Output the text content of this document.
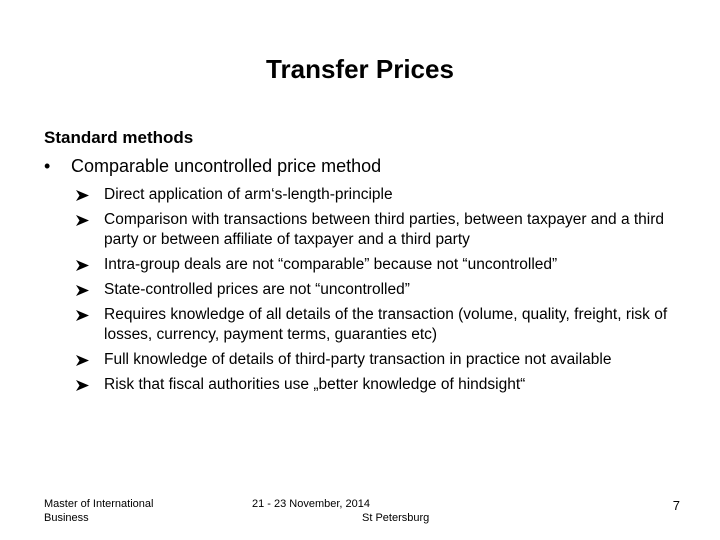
Transfer Prices
Standard methods
•	Comparable uncontrolled price method
Direct application of arm‘s-length-principle
Comparison with transactions between third parties, between taxpayer and a third party or between affiliate of taxpayer and a third party
Intra-group deals are not “comparable” because not “uncontrolled”
State-controlled prices are not “uncontrolled”
Requires knowledge of all details of the transaction (volume, quality, freight, risk of losses, currency, payment terms, guaranties etc)
Full knowledge of details of third-party transaction in practice not available
Risk that fiscal authorities use „better knowledge of hindsight“
Master of International Business
21 - 23 November, 2014
St Petersburg
7
